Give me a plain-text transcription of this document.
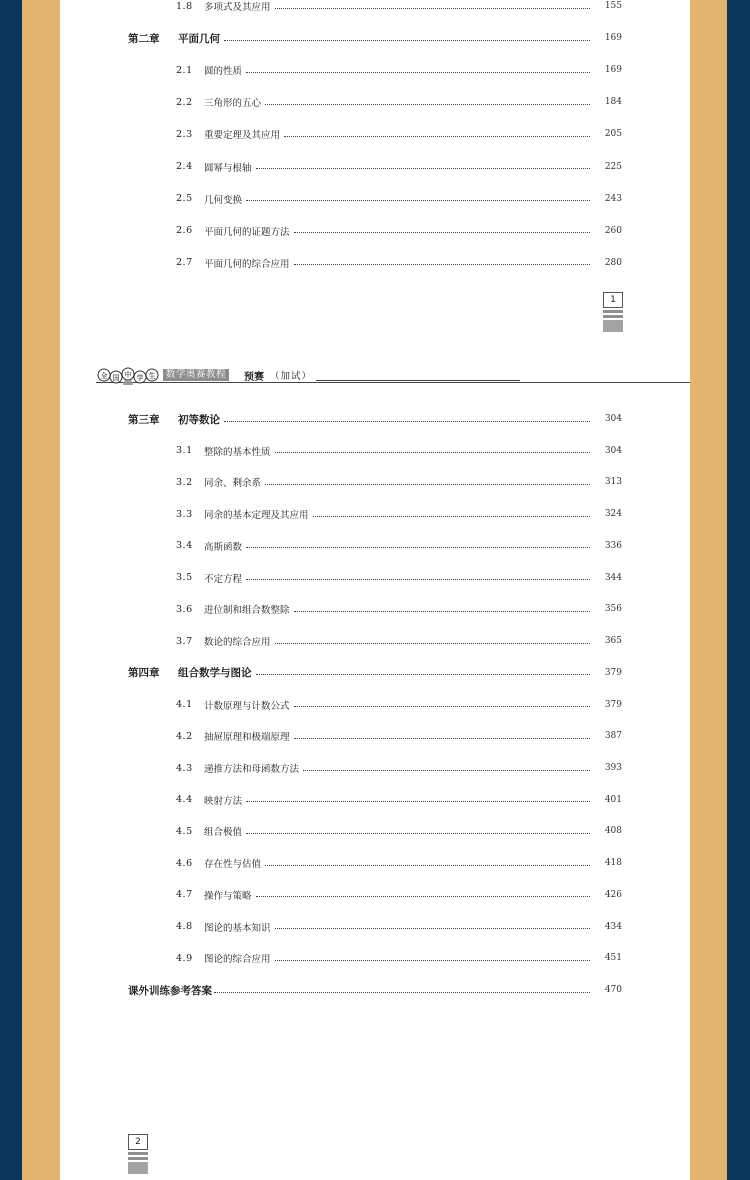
1.8	多项式及其应用	155
第二章	平面几何	169
2.1	圆的性质	169
2.2	三角形的五心	184
2.3	重要定理及其应用	205
2.4	圆幂与根轴	225
2.5	几何变换	243
2.6	平面几何的证题方法	260
2.7	平面几何的综合应用	280
第三章	初等数论	304
3.1	整除的基本性质	304
3.2	同余、剩余系	313
3.3	同余的基本定理及其应用	324
3.4	高斯函数	336
3.5	不定方程	344
3.6	进位制和组合数整除	356
3.7	数论的综合应用	365
第四章	组合数学与图论	379
4.1	计数原理与计数公式	379
4.2	抽屉原理和极端原理	387
4.3	递推方法和母函数方法	393
4.4	映射方法	401
4.5	组合极值	408
4.6	存在性与估值	418
4.7	操作与策略	426
4.8	图论的基本知识	434
4.9	图论的综合应用	451
课外训练参考答案	470
1
全 国 中 学 生	数学奥赛教程	预赛 （加试）
2
